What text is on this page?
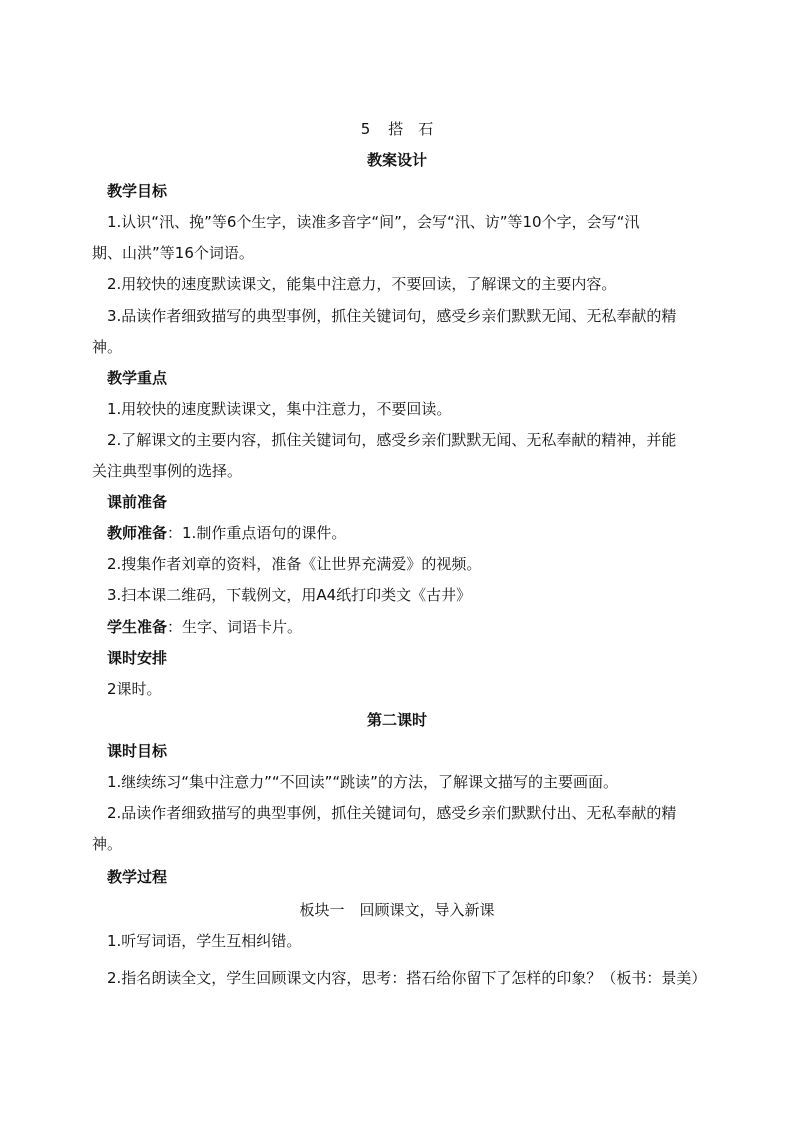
5 搭　石

教案设计

教学目标

1.认识“汛、挽”等6个生字，读准多音字“间”，会写“汛、访”等10个字，会写“汛

期、山洪”等16个词语。

2.用较快的速度默读课文，能集中注意力，不要回读，了解课文的主要内容。

3.品读作者细致描写的典型事例，抓住关键词句，感受乡亲们默默无闻、无私奉献的精

神。

教学重点

1.用较快的速度默读课文，集中注意力，不要回读。

2.了解课文的主要内容，抓住关键词句，感受乡亲们默默无闻、无私奉献的精神，并能

关注典型事例的选择。

课前准备

教师准备：1.制作重点语句的课件。

2.搜集作者刘章的资料，准备《让世界充满爱》的视频。

3.扫本课二维码，下载例文，用A4纸打印类文《古井》

学生准备：生字、词语卡片。

课时安排

2课时。

第二课时

课时目标

1.继续练习“集中注意力”“不回读”“跳读”的方法，了解课文描写的主要画面。

2.品读作者细致描写的典型事例，抓住关键词句，感受乡亲们默默付出、无私奉献的精

神。

教学过程

板块一　回顾课文，导入新课

1.听写词语，学生互相纠错。

2.指名朗读全文，学生回顾课文内容，思考：搭石给你留下了怎样的印象？（板书：景美）
